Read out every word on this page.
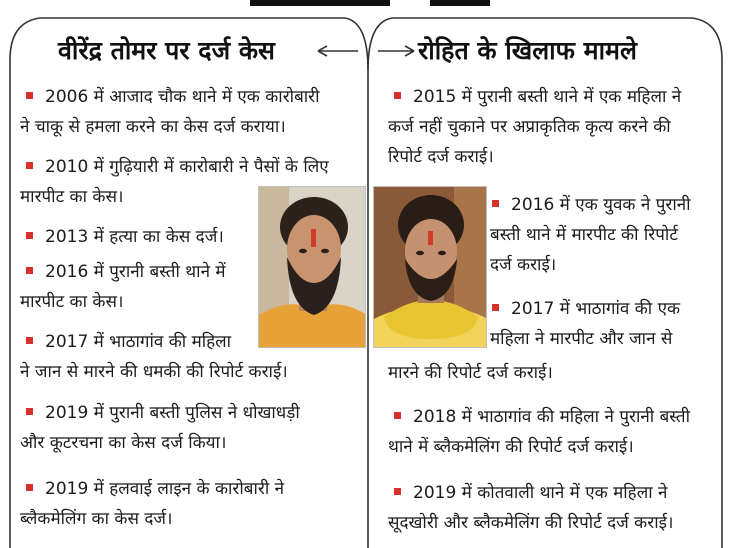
वीरेंद्र तोमर पर दर्ज केस	रोहित के खिलाफ मामले
2006 में आजाद चौक थाने में एक कारोबारी
ने चाकू से हमला करने का केस दर्ज कराया।
2010 में गुढ़ियारी में कारोबारी ने पैसों के लिए
मारपीट का केस।
2013 में हत्या का केस दर्ज।
2016 में पुरानी बस्ती थाने में
मारपीट का केस।
2017 में भाठागांव की महिला
ने जान से मारने की धमकी की रिपोर्ट कराई।
2019 में पुरानी बस्ती पुलिस ने धोखाधड़ी
और कूटरचना का केस दर्ज किया।
2019 में हलवाई लाइन के कारोबारी ने
ब्लैकमेलिंग का केस दर्ज।
2015 में पुरानी बस्ती थाने में एक महिला ने
कर्ज नहीं चुकाने पर अप्राकृतिक कृत्य करने की
रिपोर्ट दर्ज कराई।
2016 में एक युवक ने पुरानी
बस्ती थाने में मारपीट की रिपोर्ट
दर्ज कराई।
2017 में भाठागांव की एक
महिला ने मारपीट और जान से
मारने की रिपोर्ट दर्ज कराई।
2018 में भाठागांव की महिला ने पुरानी बस्ती
थाने में ब्लैकमेलिंग की रिपोर्ट दर्ज कराई।
2019 में कोतवाली थाने में एक महिला ने
सूदखोरी और ब्लैकमेलिंग की रिपोर्ट दर्ज कराई।
